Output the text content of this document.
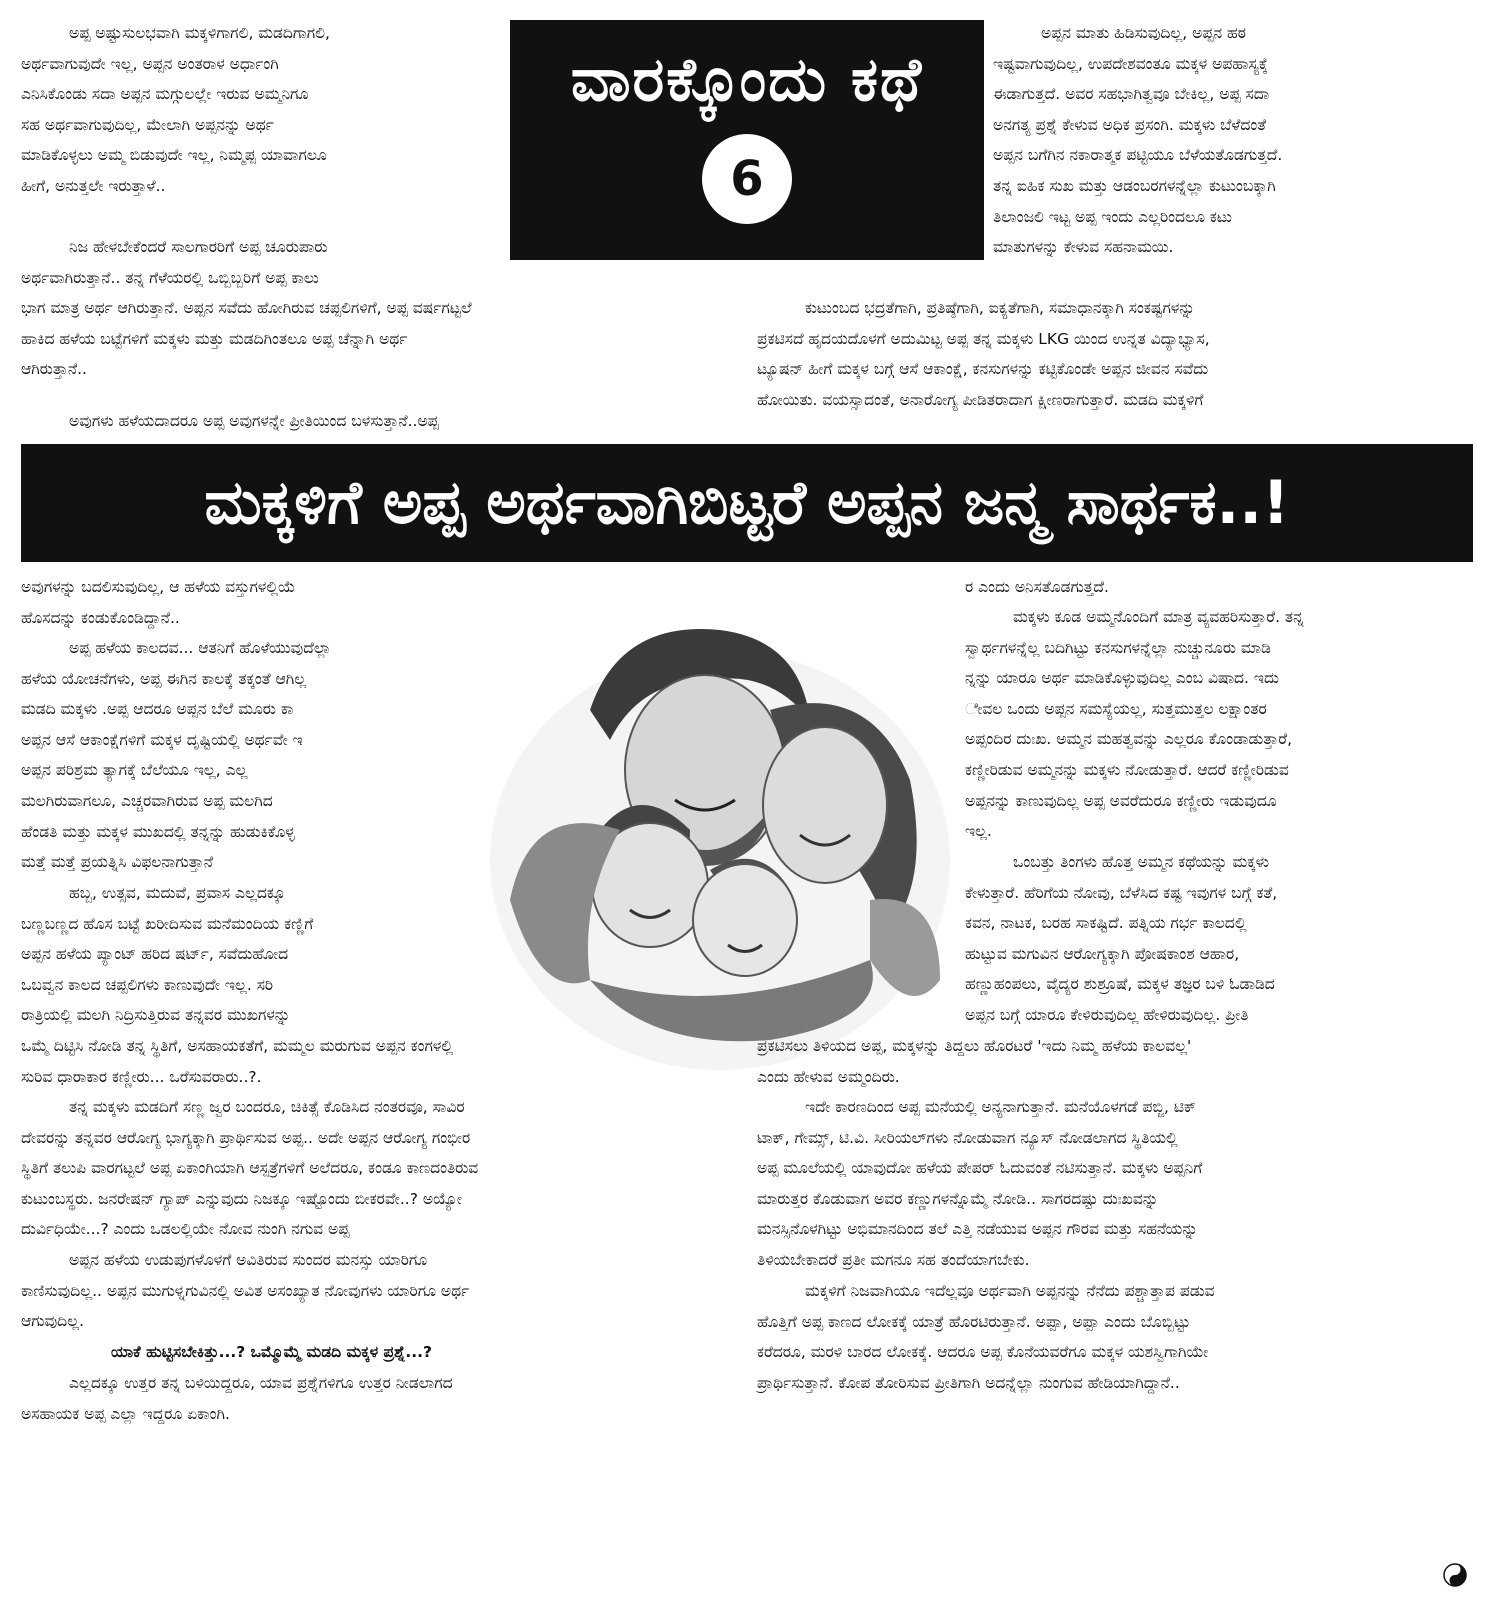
ವಾರಕ್ಕೊಂದು ಕಥೆ
6

ಅಪ್ಪ ಅಷ್ಟುಸುಲಭವಾಗಿ ಮಕ್ಕಳಿಗಾಗಲಿ, ಮಡದಿಗಾಗಲಿ,
ಅರ್ಥವಾಗುವುದೇ ಇಲ್ಲ, ಅಪ್ಪನ ಅಂತರಾಳ ಅರ್ಧಾಂಗಿ
ಎನಿಸಿಕೊಂಡು ಸದಾ ಅಪ್ಪನ ಮಗ್ಗುಲಲ್ಲೇ ಇರುವ ಅಮ್ಮನಿಗೂ
ಸಹ ಅರ್ಥವಾಗುವುದಿಲ್ಲ, ಮೇಲಾಗಿ ಅಪ್ಪನನ್ನು ಅರ್ಥ
ಮಾಡಿಕೊಳ್ಳಲು ಅಮ್ಮ ಬಿಡುವುದೇ ಇಲ್ಲ, ನಿಮ್ಮಪ್ಪ ಯಾವಾಗಲೂ
ಹೀಗೆ, ಅನುತ್ತಲೇ ಇರುತ್ತಾಳೆ..

ನಿಜ ಹೇಳಬೇಕೆಂದರೆ ಸಾಲಗಾರರಿಗೆ ಅಪ್ಪ ಚೂರುಪಾರು
ಅರ್ಥವಾಗಿರುತ್ತಾನೆ.. ತನ್ನ ಗೆಳೆಯರಲ್ಲಿ ಒಬ್ಬಿಬ್ಬರಿಗೆ ಅಪ್ಪ ಕಾಲು

ಭಾಗ ಮಾತ್ರ ಅರ್ಥ ಆಗಿರುತ್ತಾನೆ. ಅಪ್ಪನ ಸವೆದು ಹೋಗಿರುವ ಚಪ್ಪಲಿಗಳಿಗೆ, ಅಪ್ಪ ವರ್ಷಗಟ್ಟಲೆ
ಹಾಕಿದ ಹಳೆಯ ಬಟ್ಟೆಗಳಿಗೆ ಮಕ್ಕಳು ಮತ್ತು ಮಡದಿಗಿಂತಲೂ ಅಪ್ಪ ಚೆನ್ನಾಗಿ ಅರ್ಥ
ಆಗಿರುತ್ತಾನೆ..

ಅವುಗಳು ಹಳೆಯದಾದರೂ ಅಪ್ಪ ಅವುಗಳನ್ನೇ ಪ್ರೀತಿಯಿಂದ ಬಳಸುತ್ತಾನೆ..ಅಪ್ಪ

ಅಪ್ಪನ ಮಾತು ಹಿಡಿಸುವುದಿಲ್ಲ, ಅಪ್ಪನ ಹಠ
ಇಷ್ಟವಾಗುವುದಿಲ್ಲ, ಉಪದೇಶವಂತೂ ಮಕ್ಕಳ ಅಪಹಾಸ್ಯಕ್ಕೆ
ಈಡಾಗುತ್ತದೆ. ಅವರ ಸಹಭಾಗಿತ್ವವೂ ಬೇಕಿಲ್ಲ, ಅಪ್ಪ ಸದಾ
ಅನಗತ್ಯ ಪ್ರಶ್ನೆ ಕೇಳುವ ಅಧಿಕ ಪ್ರಸಂಗಿ. ಮಕ್ಕಳು ಬೆಳೆದಂತೆ
ಅಪ್ಪನ ಬಗೆಗಿನ ನಕಾರಾತ್ಮಕ ಪಟ್ಟಿಯೂ ಬೆಳೆಯತೊಡಗುತ್ತದೆ.
ತನ್ನ ಐಹಿಕ ಸುಖ ಮತ್ತು ಆಡಂಬರಗಳನ್ನೆಲ್ಲಾ ಕುಟುಂಬಕ್ಕಾಗಿ
ತಿಲಾಂಜಲಿ ಇಟ್ಟ ಅಪ್ಪ ಇಂದು ಎಲ್ಲರಿಂದಲೂ ಕಟು
ಮಾತುಗಳನ್ನು ಕೇಳುವ ಸಹನಾಮಯಿ.

ಕುಟುಂಬದ ಭದ್ರತೆಗಾಗಿ, ಪ್ರತಿಷ್ಠೆಗಾಗಿ, ಐಕ್ಯತೆಗಾಗಿ, ಸಮಾಧಾನಕ್ಕಾಗಿ ಸಂಕಷ್ಟಗಳನ್ನು
ಪ್ರಕಟಿಸದೆ ಹೃದಯದೊಳಗೆ ಅದುಮಿಟ್ಟ ಅಪ್ಪ ತನ್ನ ಮಕ್ಕಳು LKG ಯಿಂದ ಉನ್ನತ ವಿದ್ಯಾಭ್ಯಾಸ,
ಟ್ಯೂಷನ್ ಹೀಗೆ ಮಕ್ಕಳ ಬಗ್ಗೆ ಆಸೆ ಆಕಾಂಕ್ಷೆ, ಕನಸುಗಳನ್ನು ಕಟ್ಟಿಕೊಂಡೇ ಅಪ್ಪನ ಜೀವನ ಸವೆದು
ಹೋಯಿತು. ವಯಸ್ಸಾದಂತೆ, ಅನಾರೋಗ್ಯ ಪೀಡಿತರಾದಾಗ ಕ್ಷೀಣರಾಗುತ್ತಾರೆ. ಮಡದಿ ಮಕ್ಕಳಿಗೆ

ಮಕ್ಕಳಿಗೆ ಅಪ್ಪ ಅರ್ಥವಾಗಿಬಿಟ್ಟರೆ ಅಪ್ಪನ ಜನ್ಮ ಸಾರ್ಥಕ..!

ಅವುಗಳನ್ನು ಬದಲಿಸುವುದಿಲ್ಲ, ಆ ಹಳೆಯ ವಸ್ತುಗಳಲ್ಲಿಯೆ
ಹೊಸದನ್ನು ಕಂಡುಕೊಂಡಿದ್ದಾನೆ..

ಅಪ್ಪ ಹಳೆಯ ಕಾಲದವ... ಆತನಿಗೆ ಹೊಳೆಯುವುದೆಲ್ಲಾ
ಹಳೆಯ ಯೋಚನೆಗಳು, ಅಪ್ಪ ಈಗಿನ ಕಾಲಕ್ಕೆ ತಕ್ಕಂತೆ ಆಗಿಲ್ಲ
ಮಡದಿ ಮಕ್ಕಳು .ಅಪ್ಪ ಆದರೂ ಅಪ್ಪನ ಬೆಲೆ ಮೂರು ಕಾ
ಅಪ್ಪನ ಆಸೆ ಆಕಾಂಕ್ಷೆಗಳಿಗೆ ಮಕ್ಕಳ ದೃಷ್ಟಿಯಲ್ಲಿ ಅರ್ಥವೇ ಇ
ಅಪ್ಪನ ಪರಿಶ್ರಮ ತ್ಯಾಗಕ್ಕೆ ಬೆಲೆಯೂ ಇಲ್ಲ, ಎಲ್ಲ
ಮಲಗಿರುವಾಗಲೂ, ಎಚ್ಚರವಾಗಿರುವ ಅಪ್ಪ ಮಲಗಿದ
ಹೆಂಡತಿ ಮತ್ತು ಮಕ್ಕಳ ಮುಖದಲ್ಲಿ ತನ್ನನ್ನು ಹುಡುಕಿಕೊಳ್ಳ
ಮತ್ತೆ ಮತ್ತೆ ಪ್ರಯತ್ನಿಸಿ ವಿಫಲನಾಗುತ್ತಾನೆ

ಹಬ್ಬ, ಉತ್ಸವ, ಮದುವೆ, ಪ್ರವಾಸ ಎಲ್ಲದಕ್ಕೂ
ಬಣ್ಣಬಣ್ಣದ ಹೊಸ ಬಟ್ಟೆ ಖರೀದಿಸುವ ಮನೆಮಂದಿಯ ಕಣ್ಣಿಗೆ
ಅಪ್ಪನ ಹಳೆಯ ಪ್ಯಾಂಟ್ ಹರಿದ ಷರ್ಟ್, ಸವೆದುಹೋದ
ಒಬವ್ವನ ಕಾಲದ ಚಪ್ಪಲಿಗಳು ಕಾಣುವುದೇ ಇಲ್ಲ. ಸರಿ
ರಾತ್ರಿಯಲ್ಲಿ ಮಲಗಿ ನಿದ್ರಿಸುತ್ತಿರುವ ತನ್ನವರ ಮುಖಗಳನ್ನು

ಒಮ್ಮೆ ದಿಟ್ಟಿಸಿ ನೋಡಿ ತನ್ನ ಸ್ಥಿತಿಗೆ, ಅಸಹಾಯಕತೆಗೆ, ಮಮ್ಮಲ ಮರುಗುವ ಅಪ್ಪನ ಕಂಗಳಲ್ಲಿ
ಸುರಿವ ಧಾರಾಕಾರ ಕಣ್ಣೀರು... ಒರೆಸುವರಾರು..?.

ತನ್ನ ಮಕ್ಕಳು ಮಡದಿಗೆ ಸಣ್ಣ ಜ್ವರ ಬಂದರೂ, ಚಿಕಿತ್ಸೆ ಕೊಡಿಸಿದ ನಂತರವೂ, ಸಾವಿರ
ದೇವರನ್ನು ತನ್ನವರ ಆರೋಗ್ಯ ಭಾಗ್ಯಕ್ಕಾಗಿ ಪ್ರಾರ್ಥಿಸುವ ಅಪ್ಪ.. ಅದೇ ಅಪ್ಪನ ಆರೋಗ್ಯ ಗಂಭೀರ
ಸ್ಥಿತಿಗೆ ತಲುಪಿ ವಾರಗಟ್ಟಲೆ ಅಪ್ಪ ಏಕಾಂಗಿಯಾಗಿ ಆಸ್ಪತ್ರೆಗಳಿಗೆ ಅಲೆದರೂ, ಕಂಡೂ ಕಾಣದಂತಿರುವ
ಕುಟುಂಬಸ್ಥರು. ಜನರೇಷನ್ ಗ್ಯಾಪ್ ಎನ್ನುವುದು ನಿಜಕ್ಕೂ ಇಷ್ಟೊಂದು ಬೀಕರವೇ..? ಅಯ್ಯೋ
ದುರ್ವಿಧಿಯೇ...? ಎಂದು ಒಡಲಲ್ಲಿಯೇ ನೋವ ನುಂಗಿ ನಗುವ ಅಪ್ಪ

ಅಪ್ಪನ ಹಳೆಯ ಉಡುಪುಗಳೊಳಗೆ ಅವಿತಿರುವ ಸುಂದರ ಮನಸ್ಸು ಯಾರಿಗೂ
ಕಾಣಿಸುವುದಿಲ್ಲ.. ಅಪ್ಪನ ಮುಗುಳ್ನಗುವಿನಲ್ಲಿ ಅವಿತ ಅಸಂಖ್ಯಾತ ನೋವುಗಳು ಯಾರಿಗೂ ಅರ್ಥ
ಆಗುವುದಿಲ್ಲ.

ಯಾಕೆ ಹುಟ್ಟಿಸಬೇಕಿತ್ತು...? ಒಮ್ಮೊಮ್ಮೆ ಮಡದಿ ಮಕ್ಕಳ ಪ್ರಶ್ನೆ...?

ಎಲ್ಲದಕ್ಕೂ ಉತ್ತರ ತನ್ನ ಬಳಿಯಿದ್ದರೂ, ಯಾವ ಪ್ರಶ್ನೆಗಳಿಗೂ ಉತ್ತರ ನೀಡಲಾಗದ
ಅಸಹಾಯಕ ಅಪ್ಪ ಎಲ್ಲಾ ಇದ್ದರೂ ಏಕಾಂಗಿ.

ರ ಎಂದು ಅನಿಸತೊಡಗುತ್ತದೆ.

ಮಕ್ಕಳು ಕೂಡ ಅಮ್ಮನೊಂದಿಗೆ ಮಾತ್ರ ವ್ಯವಹರಿಸುತ್ತಾರೆ. ತನ್ನ
ಸ್ವಾರ್ಥಗಳನ್ನೆಲ್ಲ ಬದಿಗಿಟ್ಟು ಕನಸುಗಳನ್ನೆಲ್ಲಾ ನುಚ್ಚುನೂರು ಮಾಡಿ
ನ್ನನ್ನು ಯಾರೂ ಅರ್ಥ ಮಾಡಿಕೊಳ್ಳುವುದಿಲ್ಲ ಎಂಬ ವಿಷಾದ. ಇದು
ೇವಲ ಒಂದು ಅಪ್ಪನ ಸಮಸ್ಯೆಯಲ್ಲ, ಸುತ್ತಮುತ್ತಲ ಲಕ್ಷಾಂತರ
ಅಪ್ಪಂದಿರ ದುಃಖ. ಅಮ್ಮನ ಮಹತ್ವವನ್ನು ಎಲ್ಲರೂ ಕೊಂಡಾಡುತ್ತಾರೆ,
ಕಣ್ಣೀರಿಡುವ ಅಮ್ಮನನ್ನು ಮಕ್ಕಳು ನೋಡುತ್ತಾರೆ. ಆದರೆ ಕಣ್ಣೀರಿಡುವ
ಅಪ್ಪನನ್ನು ಕಾಣುವುದಿಲ್ಲ ಅಪ್ಪ ಅವರೆದುರೂ ಕಣ್ಣೀರು ಇಡುವುದೂ
ಇಲ್ಲ.

ಒಂಬತ್ತು ತಿಂಗಳು ಹೊತ್ತ ಅಮ್ಮನ ಕಥೆಯನ್ನು ಮಕ್ಕಳು
ಕೇಳುತ್ತಾರೆ. ಹೆರಿಗೆಯ ನೋವು, ಬೆಳೆಸಿದ ಕಷ್ಟ ಇವುಗಳ ಬಗ್ಗೆ ಕತೆ,
ಕವನ, ನಾಟಕ, ಬರಹ ಸಾಕಷ್ಟಿದೆ. ಪತ್ನಿಯ ಗರ್ಭ ಕಾಲದಲ್ಲಿ
ಹುಟ್ಟುವ ಮಗುವಿನ ಆರೋಗ್ಯಕ್ಕಾಗಿ ಪೋಷಕಾಂಶ ಆಹಾರ,
ಹಣ್ಣುಹಂಪಲು, ವೈದ್ಯರ ಶುಶ್ರೂಷೆ, ಮಕ್ಕಳ ತಜ್ಞರ ಬಳಿ ಓಡಾಡಿದ
ಅಪ್ಪನ ಬಗ್ಗೆ ಯಾರೂ ಕೇಳಿರುವುದಿಲ್ಲ ಹೇಳಿರುವುದಿಲ್ಲ. ಪ್ರೀತಿ

ಪ್ರಕಟಿಸಲು ತಿಳಿಯದ ಅಪ್ಪ, ಮಕ್ಕಳನ್ನು ತಿದ್ದಲು ಹೊರಟರೆ 'ಇದು ನಿಮ್ಮ ಹಳೆಯ ಕಾಲವಲ್ಲ'
ಎಂದು ಹೇಳುವ ಅಮ್ಮಂದಿರು.

ಇದೇ ಕಾರಣದಿಂದ ಅಪ್ಪ ಮನೆಯಲ್ಲಿ ಅನ್ಯನಾಗುತ್ತಾನೆ. ಮನೆಯೊಳಗಡೆ ಪಬ್ಜಿ, ಟಿಕ್
ಟಾಕ್, ಗೇಮ್ಸ್, ಟಿ.ವಿ. ಸೀರಿಯಲ್‌ಗಳು ನೋಡುವಾಗ ನ್ಯೂಸ್ ನೋಡಲಾಗದ ಸ್ಥಿತಿಯಲ್ಲಿ
ಅಪ್ಪ ಮೂಲೆಯಲ್ಲಿ ಯಾವುದೋ ಹಳೆಯ ಪೇಪರ್ ಓದುವಂತೆ ನಟಿಸುತ್ತಾನೆ. ಮಕ್ಕಳು ಅಪ್ಪನಿಗೆ
ಮಾರುತ್ತರ ಕೊಡುವಾಗ ಅವರ ಕಣ್ಣುಗಳನ್ನೊಮ್ಮೆ ನೋಡಿ.. ಸಾಗರದಷ್ಟು ದುಃಖವನ್ನು
ಮನಸ್ಸಿನೊಳಗಿಟ್ಟು ಅಭಿಮಾನದಿಂದ ತಲೆ ಎತ್ತಿ ನಡೆಯುವ ಅಪ್ಪನ ಗೌರವ ಮತ್ತು ಸಹನೆಯನ್ನು
ತಿಳಿಯಬೇಕಾದರೆ ಪ್ರತೀ ಮಗನೂ ಸಹ ತಂದೆಯಾಗಬೇಕು.

ಮಕ್ಕಳಿಗೆ ನಿಜವಾಗಿಯೂ ಇದೆಲ್ಲವೂ ಅರ್ಥವಾಗಿ ಅಪ್ಪನನ್ನು ನೆನೆದು ಪಶ್ಚಾತ್ತಾಪ ಪಡುವ
ಹೊತ್ತಿಗೆ ಅಪ್ಪ ಕಾಣದ ಲೋಕಕ್ಕೆ ಯಾತ್ರೆ ಹೊರಟಿರುತ್ತಾನೆ. ಅಪ್ಪಾ, ಅಪ್ಪಾ ಎಂದು ಬೊಬ್ಬಿಟ್ಟು
ಕರೆದರೂ, ಮರಳಿ ಬಾರದ ಲೋಕಕ್ಕೆ. ಆದರೂ ಅಪ್ಪ ಕೊನೆಯವರೆಗೂ ಮಕ್ಕಳ ಯಶಸ್ವಿಗಾಗಿಯೇ
ಪ್ರಾರ್ಥಿಸುತ್ತಾನೆ. ಕೋಪ ತೋರಿಸುವ ಪ್ರೀತಿಗಾಗಿ ಅದನ್ನೆಲ್ಲಾ ನುಂಗುವ ಹೇಡಿಯಾಗಿದ್ದಾನೆ..
